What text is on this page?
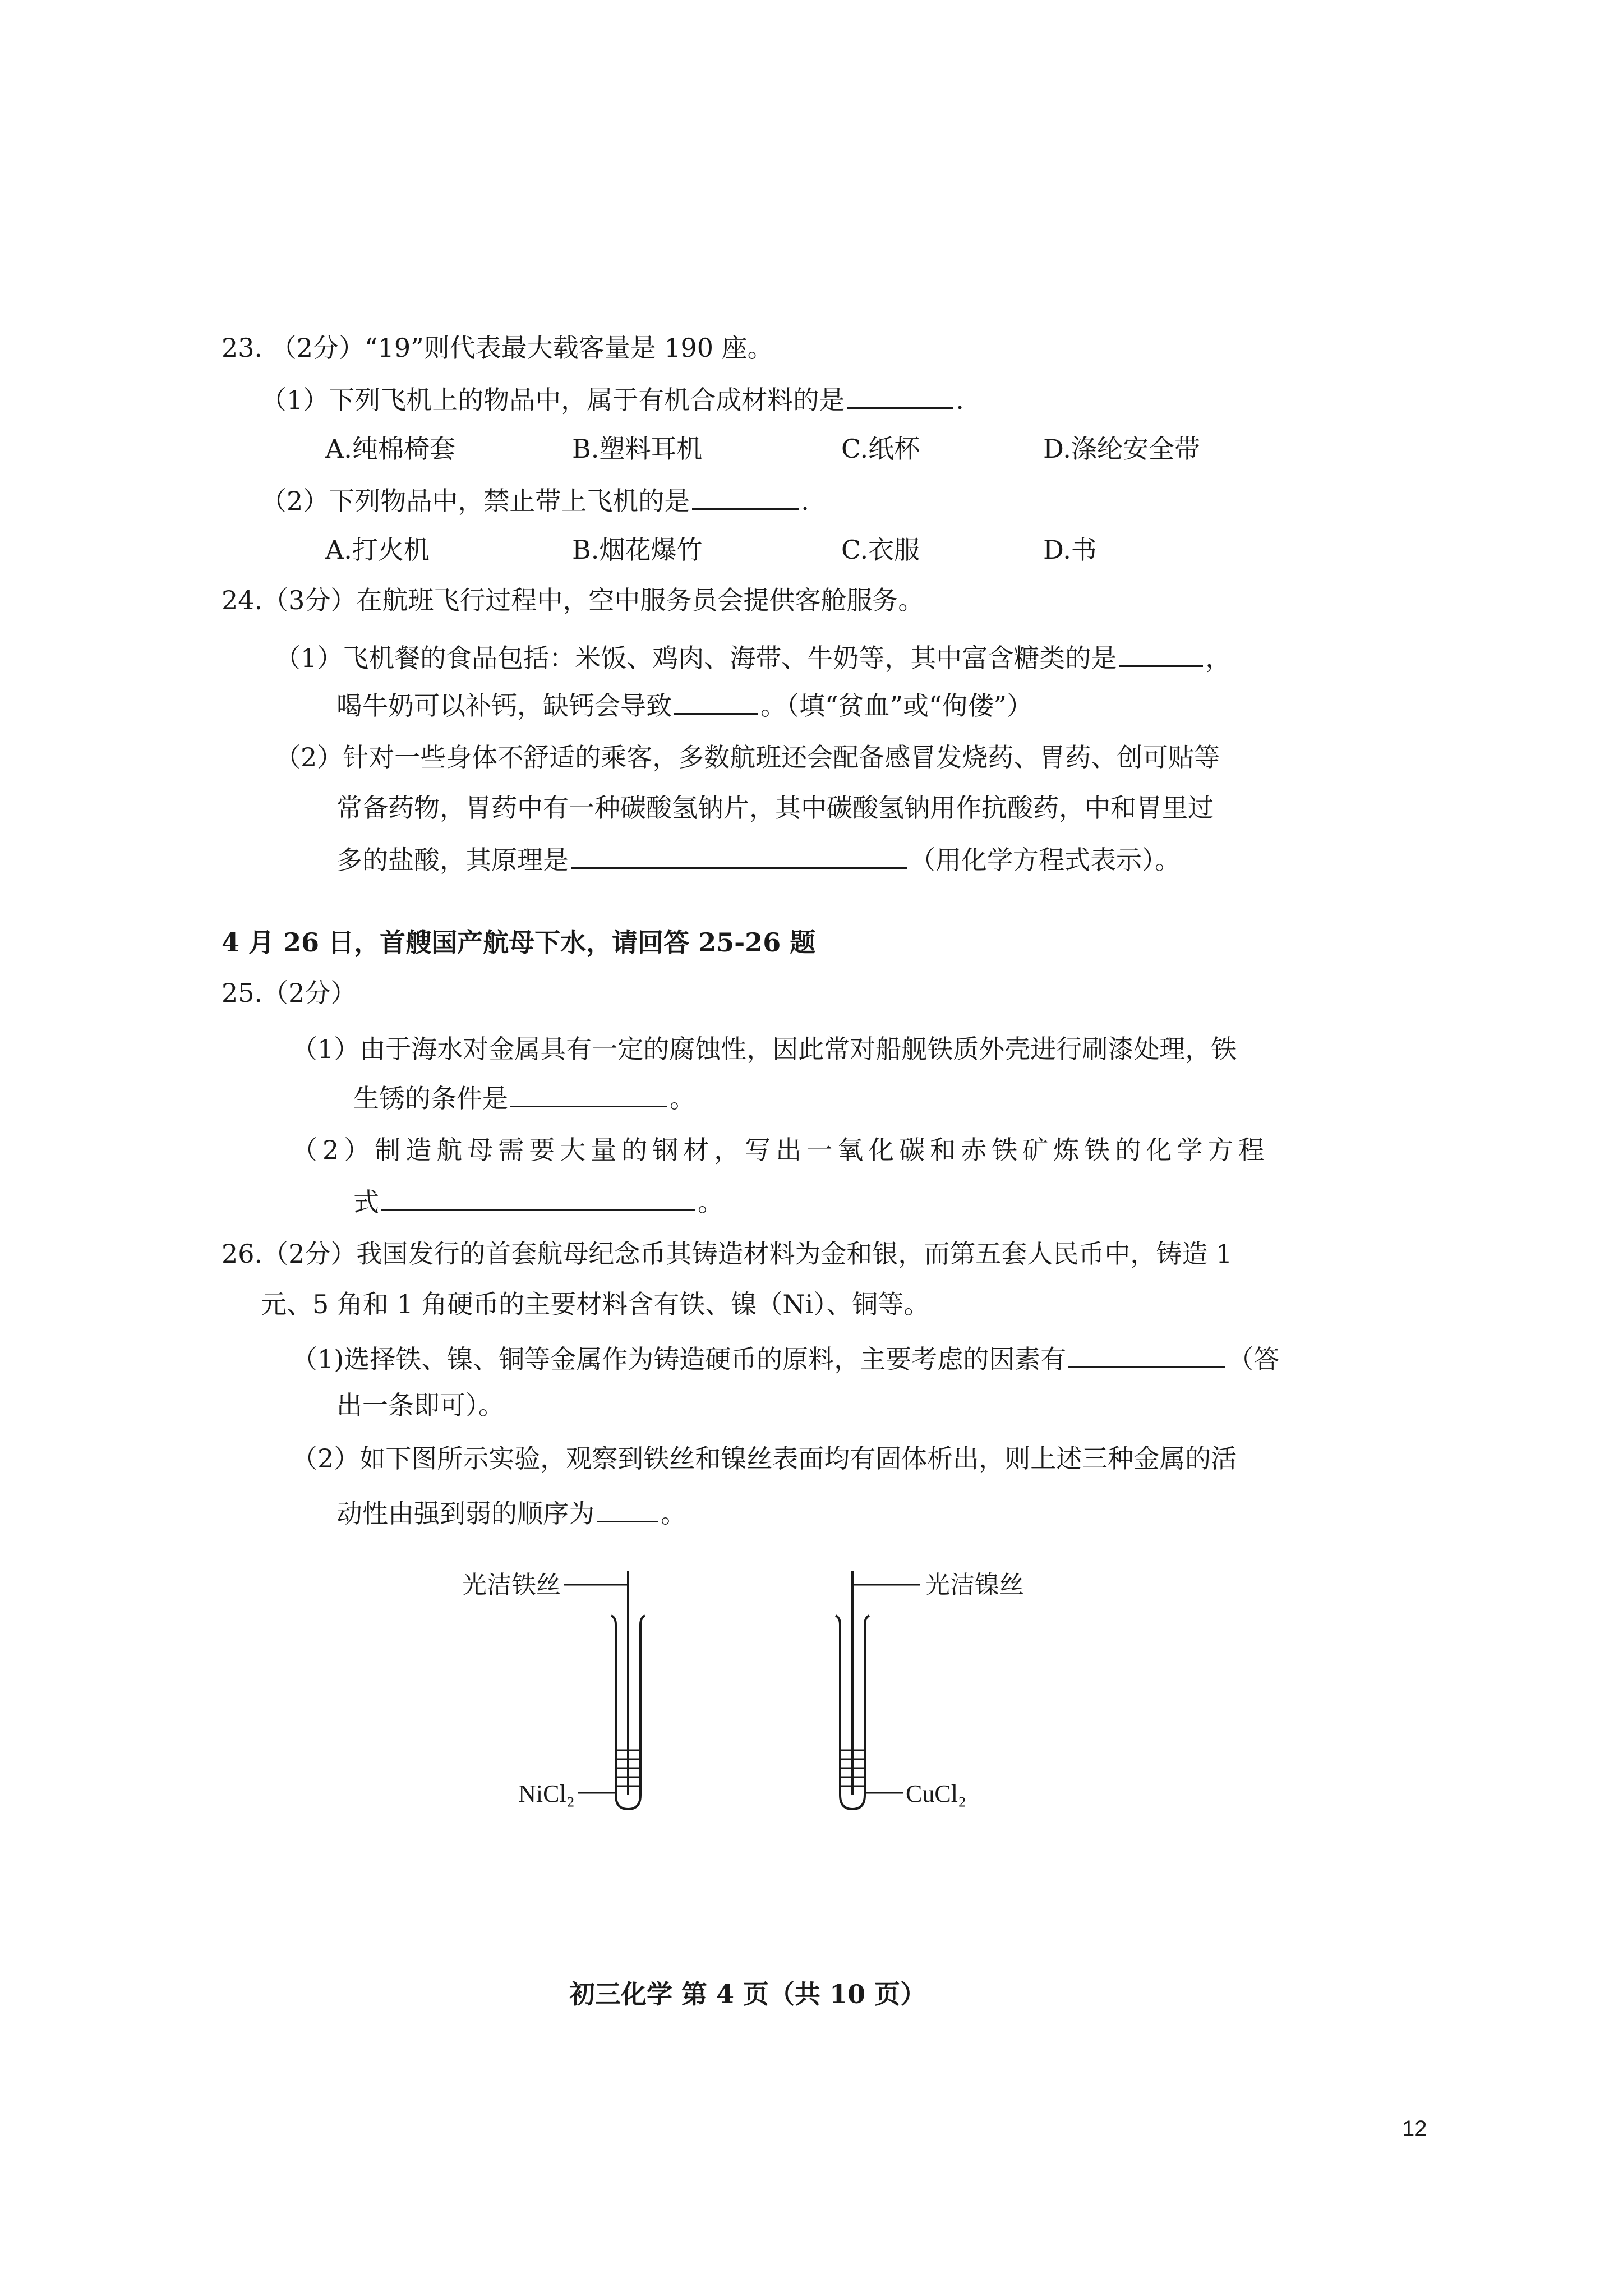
23. （2分）“19”则代表最大载客量是 190 座。
（1）下列飞机上的物品中，属于有机合成材料的是	.
A.纯棉椅套	B.塑料耳机	C.纸杯	D.涤纶安全带
（2）下列物品中，禁止带上飞机的是	.
A.打火机	B.烟花爆竹	C.衣服	D.书
24.（3分）在航班飞行过程中，空中服务员会提供客舱服务。
（1）飞机餐的食品包括：米饭、鸡肉、海带、牛奶等，其中富含糖类的是	，
喝牛奶可以补钙，缺钙会导致	。（填“贫血”或“佝偻”）
（2）针对一些身体不舒适的乘客，多数航班还会配备感冒发烧药、胃药、创可贴等
常备药物，胃药中有一种碳酸氢钠片，其中碳酸氢钠用作抗酸药，中和胃里过
多的盐酸，其原理是	（用化学方程式表示）。
4 月 26 日，首艘国产航母下水，请回答 25-26 题
25.（2分）
（1）由于海水对金属具有一定的腐蚀性，因此常对船舰铁质外壳进行刷漆处理，铁
生锈的条件是	。
（2）制造航母需要大量的钢材，写出一氧化碳和赤铁矿炼铁的化学方程
式	。
26.（2分）我国发行的首套航母纪念币其铸造材料为金和银，而第五套人民币中，铸造 1
元、5 角和 1 角硬币的主要材料含有铁、镍（Ni）、铜等。
（1)选择铁、镍、铜等金属作为铸造硬币的原料，主要考虑的因素有	（答
出一条即可）。
（2）如下图所示实验，观察到铁丝和镍丝表面均有固体析出，则上述三种金属的活
动性由强到弱的顺序为	。
光洁铁丝
NiCl₂
光洁镍丝
CuCl₂
初三化学 第 4 页（共 10 页）
12
